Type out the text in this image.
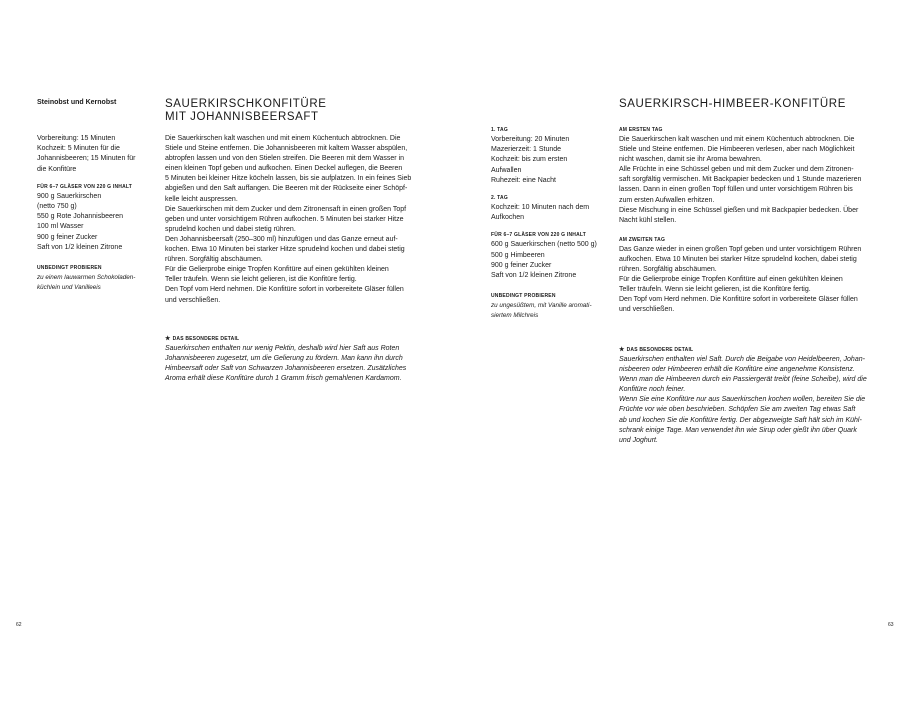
Steinobst und Kernobst	SAUERKIRSCHKONFITÜRE
MIT JOHANNISBEERSAFT
Vorbereitung: 15 Minuten
Kochzeit: 5 Minuten für die
Johannisbeeren; 15 Minuten für
die Konfitüre
FÜR 6–7 GLÄSER VON 220 G INHALT
900 g Sauerkirschen
(netto 750 g)
550 g Rote Johannisbeeren
100 ml Wasser
900 g feiner Zucker
Saft von 1/2 kleinen Zitrone
UNBEDINGT PROBIEREN
zu einem lauwarmen Schokoladen-
küchlein und Vanilleeis
Die Sauerkirschen kalt waschen und mit einem Küchentuch abtrocknen. Die
Stiele und Steine entfernen. Die Johannisbeeren mit kaltem Wasser abspülen,
abtropfen lassen und von den Stielen streifen. Die Beeren mit dem Wasser in
einen kleinen Topf geben und aufkochen. Einen Deckel auflegen, die Beeren
5 Minuten bei kleiner Hitze köcheln lassen, bis sie aufplatzen. In ein feines Sieb
abgießen und den Saft auffangen. Die Beeren mit der Rückseite einer Schöpf-
kelle leicht auspressen.
Die Sauerkirschen mit dem Zucker und dem Zitronensaft in einen großen Topf
geben und unter vorsichtigem Rühren aufkochen. 5 Minuten bei starker Hitze
sprudelnd kochen und dabei stetig rühren.
Den Johannisbeersaft (250–300 ml) hinzufügen und das Ganze erneut auf-
kochen. Etwa 10 Minuten bei starker Hitze sprudelnd kochen und dabei stetig
rühren. Sorgfältig abschäumen.
Für die Gelierprobe einige Tropfen Konfitüre auf einen gekühlten kleinen
Teller träufeln. Wenn sie leicht gelieren, ist die Konfitüre fertig.
Den Topf vom Herd nehmen. Die Konfitüre sofort in vorbereitete Gläser füllen
und verschließen.
★ DAS BESONDERE DETAIL
Sauerkirschen enthalten nur wenig Pektin, deshalb wird hier Saft aus Roten
Johannisbeeren zugesetzt, um die Gelierung zu fördern. Man kann ihn durch
Himbeersaft oder Saft von Schwarzen Johannisbeeren ersetzen. Zusätzliches
Aroma erhält diese Konfitüre durch 1 Gramm frisch gemahlenen Kardamom.
62
SAUERKIRSCH-HIMBEER-KONFITÜRE
1. TAG
Vorbereitung: 20 Minuten
Mazerierzeit: 1 Stunde
Kochzeit: bis zum ersten
Aufwallen
Ruhezeit: eine Nacht
2. TAG
Kochzeit: 10 Minuten nach dem
Aufkochen
FÜR 6–7 GLÄSER VON 220 G INHALT
600 g Sauerkirschen (netto 500 g)
500 g Himbeeren
900 g feiner Zucker
Saft von 1/2 kleinen Zitrone
UNBEDINGT PROBIEREN
zu ungesüßtem, mit Vanille aromati-
siertem Milchreis
AM ERSTEN TAG
Die Sauerkirschen kalt waschen und mit einem Küchentuch abtrocknen. Die
Stiele und Steine entfernen. Die Himbeeren verlesen, aber nach Möglichkeit
nicht waschen, damit sie ihr Aroma bewahren.
Alle Früchte in eine Schüssel geben und mit dem Zucker und dem Zitronen-
saft sorgfältig vermischen. Mit Backpapier bedecken und 1 Stunde mazerieren
lassen. Dann in einen großen Topf füllen und unter vorsichtigem Rühren bis
zum ersten Aufwallen erhitzen.
Diese Mischung in eine Schüssel gießen und mit Backpapier bedecken. Über
Nacht kühl stellen.
AM ZWEITEN TAG
Das Ganze wieder in einen großen Topf geben und unter vorsichtigem Rühren
aufkochen. Etwa 10 Minuten bei starker Hitze sprudelnd kochen, dabei stetig
rühren. Sorgfältig abschäumen.
Für die Gelierprobe einige Tropfen Konfitüre auf einen gekühlten kleinen
Teller träufeln. Wenn sie leicht gelieren, ist die Konfitüre fertig.
Den Topf vom Herd nehmen. Die Konfitüre sofort in vorbereitete Gläser füllen
und verschließen.
★ DAS BESONDERE DETAIL
Sauerkirschen enthalten viel Saft. Durch die Beigabe von Heidelbeeren, Johan-
nisbeeren oder Himbeeren erhält die Konfitüre eine angenehme Konsistenz.
Wenn man die Himbeeren durch ein Passiergerät treibt (feine Scheibe), wird die
Konfitüre noch feiner.
Wenn Sie eine Konfitüre nur aus Sauerkirschen kochen wollen, bereiten Sie die
Früchte vor wie oben beschrieben. Schöpfen Sie am zweiten Tag etwas Saft
ab und kochen Sie die Konfitüre fertig. Der abgezweigte Saft hält sich im Kühl-
schrank einige Tage. Man verwendet ihn wie Sirup oder gießt ihn über Quark
und Joghurt.
63
